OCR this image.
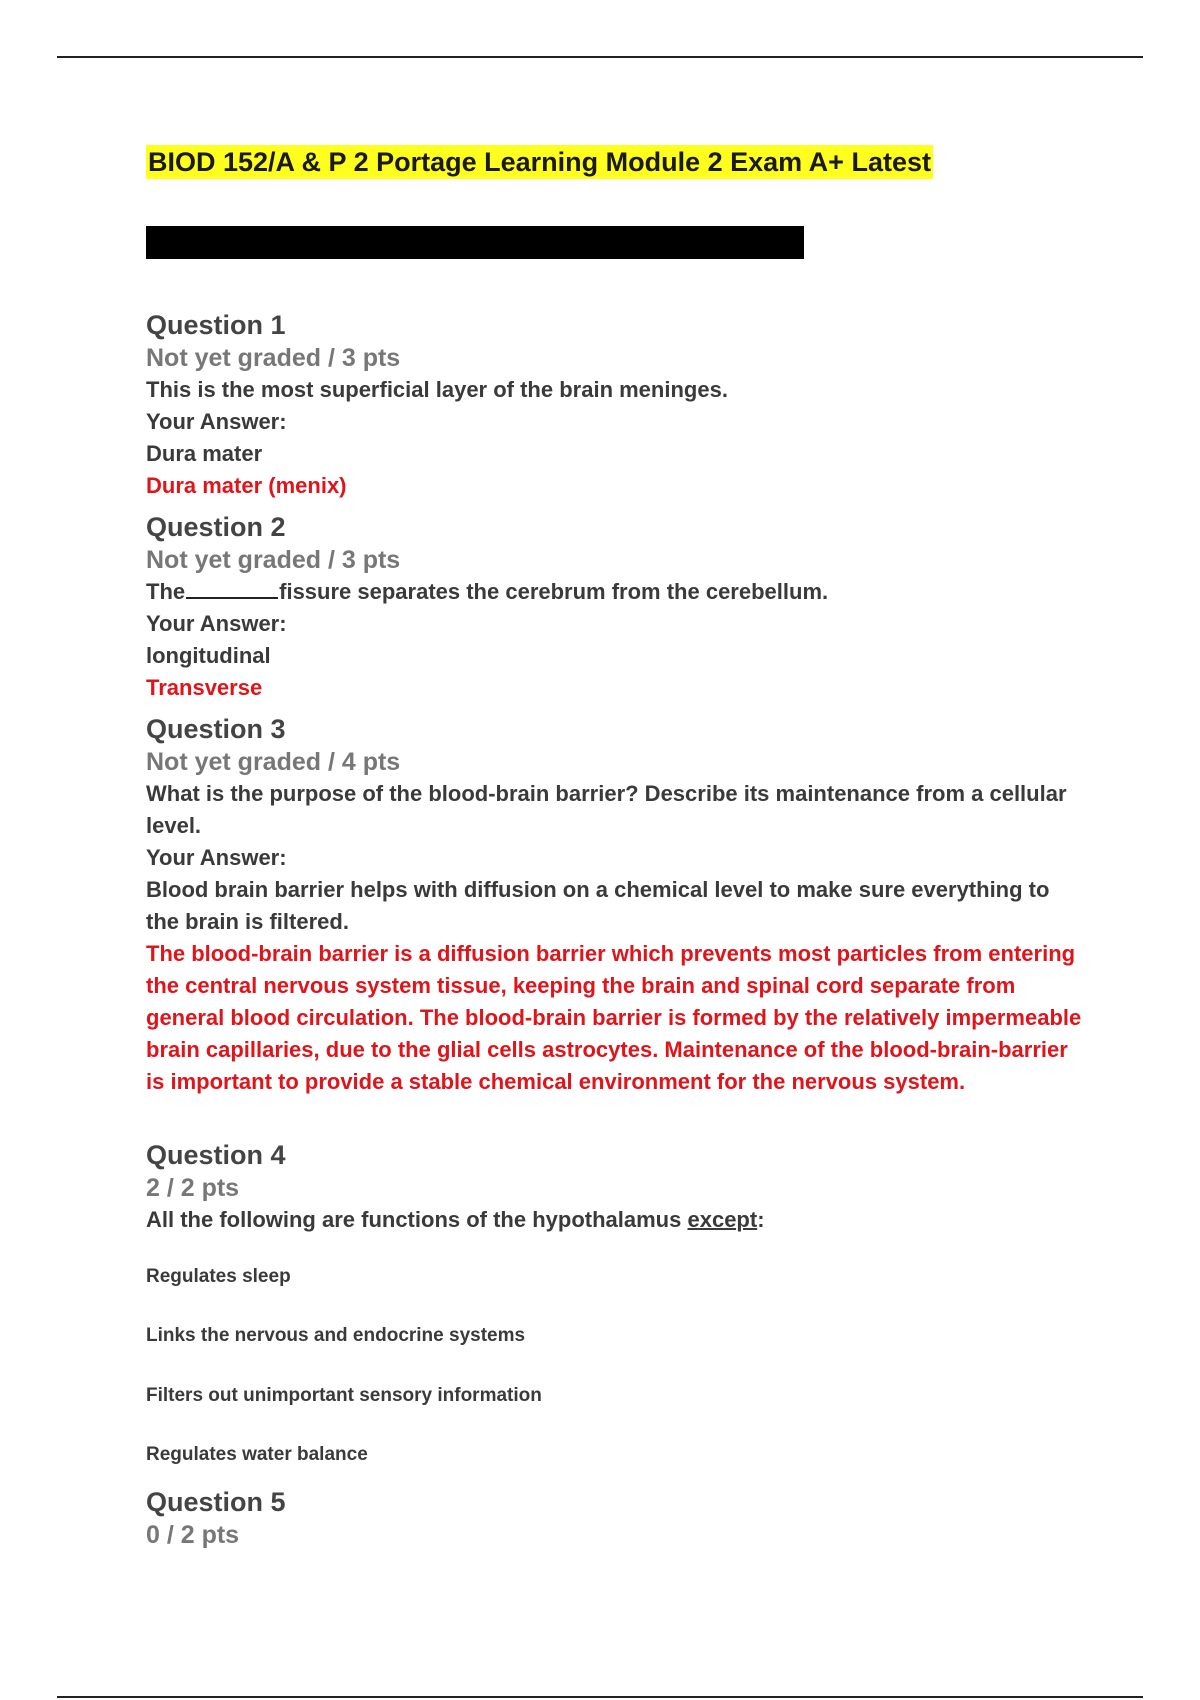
BIOD 152/A & P 2 Portage Learning Module 2 Exam A+ Latest

Question 1

Not yet graded / 3 pts

This is the most superficial layer of the brain meninges.

Your Answer:

Dura mater

Dura mater (menix)

Question 2

Not yet graded / 3 pts

The	fissure separates the cerebrum from the cerebellum.

Your Answer:

longitudinal

Transverse

Question 3

Not yet graded / 4 pts

What is the purpose of the blood-brain barrier? Describe its maintenance from a cellular level.

Your Answer:

Blood brain barrier helps with diffusion on a chemical level to make sure everything to the brain is filtered.

The blood-brain barrier is a diffusion barrier which prevents most particles from entering the central nervous system tissue, keeping the brain and spinal cord separate from general blood circulation. The blood-brain barrier is formed by the relatively impermeable brain capillaries, due to the glial cells astrocytes. Maintenance of the blood-brain-barrier is important to provide a stable chemical environment for the nervous system.

Question 4

2 / 2 pts

All the following are functions of the hypothalamus except:

Regulates sleep

Links the nervous and endocrine systems

Filters out unimportant sensory information

Regulates water balance

Question 5

0 / 2 pts
